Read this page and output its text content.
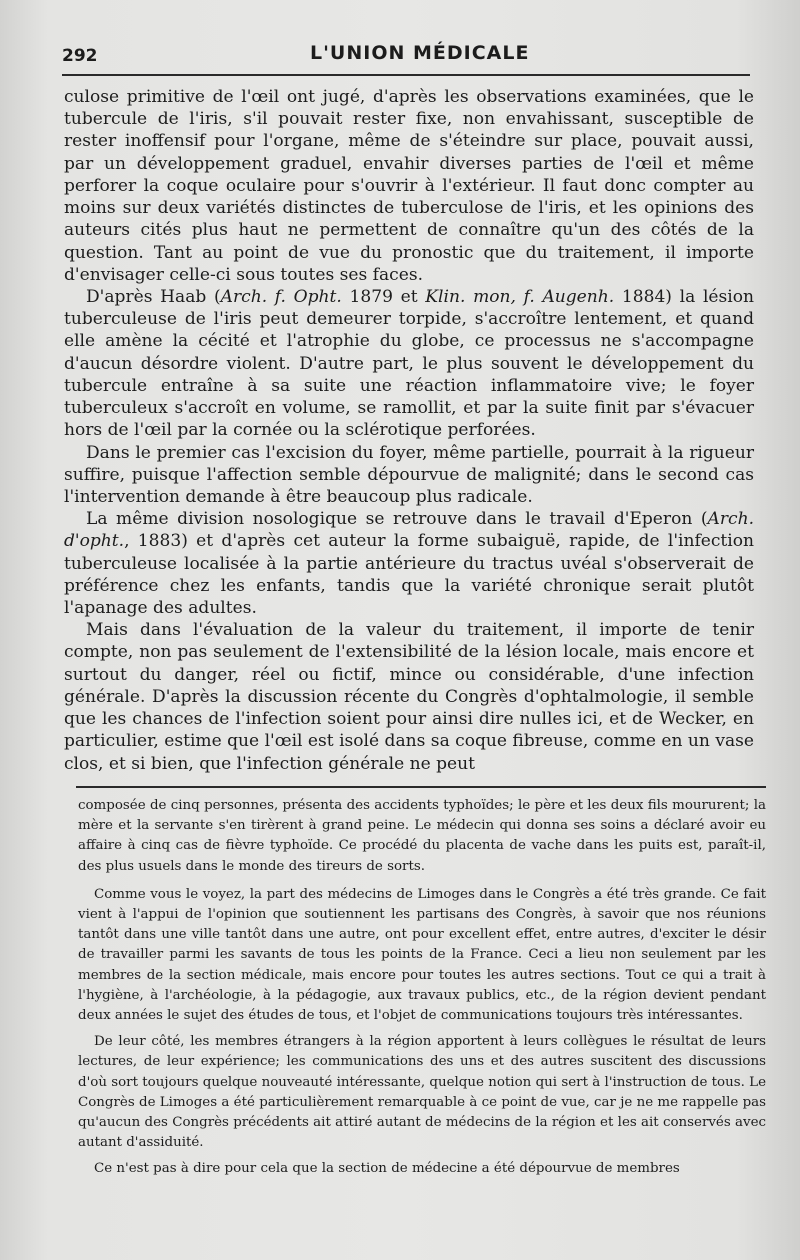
292	L'UNION MÉDICALE

culose primitive de l'œil ont jugé, d'après les observations examinées, que le tubercule de l'iris, s'il pouvait rester fixe, non envahissant, susceptible de rester inoffensif pour l'organe, même de s'éteindre sur place, pouvait aussi, par un développement graduel, envahir diverses parties de l'œil et même perforer la coque oculaire pour s'ouvrir à l'extérieur. Il faut donc compter au moins sur deux variétés distinctes de tuberculose de l'iris, et les opinions des auteurs cités plus haut ne permettent de connaître qu'un des côtés de la question. Tant au point de vue du pronostic que du traitement, il importe d'envisager celle-ci sous toutes ses faces.

D'après Haab (Arch. f. Opht. 1879 et Klin. mon, f. Augenh. 1884) la lésion tuberculeuse de l'iris peut demeurer torpide, s'accroître lentement, et quand elle amène la cécité et l'atrophie du globe, ce processus ne s'accompagne d'aucun désordre violent. D'autre part, le plus souvent le développement du tubercule entraîne à sa suite une réaction inflammatoire vive; le foyer tuberculeux s'accroît en volume, se ramollit, et par la suite finit par s'évacuer hors de l'œil par la cornée ou la sclérotique perforées.

Dans le premier cas l'excision du foyer, même partielle, pourrait à la rigueur suffire, puisque l'affection semble dépourvue de malignité; dans le second cas l'intervention demande à être beaucoup plus radicale.

La même division nosologique se retrouve dans le travail d'Eperon (Arch. d'opht., 1883) et d'après cet auteur la forme subaiguë, rapide, de l'infection tuberculeuse localisée à la partie antérieure du tractus uvéal s'observerait de préférence chez les enfants, tandis que la variété chronique serait plutôt l'apanage des adultes.

Mais dans l'évaluation de la valeur du traitement, il importe de tenir compte, non pas seulement de l'extensibilité de la lésion locale, mais encore et surtout du danger, réel ou fictif, mince ou considérable, d'une infection générale. D'après la discussion récente du Congrès d'ophtalmologie, il semble que les chances de l'infection soient pour ainsi dire nulles ici, et de Wecker, en particulier, estime que l'œil est isolé dans sa coque fibreuse, comme en un vase clos, et si bien, que l'infection générale ne peut

composée de cinq personnes, présenta des accidents typhoïdes; le père et les deux fils moururent; la mère et la servante s'en tirèrent à grand peine. Le médecin qui donna ses soins a déclaré avoir eu affaire à cinq cas de fièvre typhoïde. Ce procédé du placenta de vache dans les puits est, paraît-il, des plus usuels dans le monde des tireurs de sorts.

Comme vous le voyez, la part des médecins de Limoges dans le Congrès a été très grande. Ce fait vient à l'appui de l'opinion que soutiennent les partisans des Congrès, à savoir que nos réunions tantôt dans une ville tantôt dans une autre, ont pour excellent effet, entre autres, d'exciter le désir de travailler parmi les savants de tous les points de la France. Ceci a lieu non seulement par les membres de la section médicale, mais encore pour toutes les autres sections. Tout ce qui a trait à l'hygiène, à l'archéologie, à la pédagogie, aux travaux publics, etc., de la région devient pendant deux années le sujet des études de tous, et l'objet de communications toujours très intéressantes.

De leur côté, les membres étrangers à la région apportent à leurs collègues le résultat de leurs lectures, de leur expérience; les communications des uns et des autres suscitent des discussions d'où sort toujours quelque nouveauté intéressante, quelque notion qui sert à l'instruction de tous. Le Congrès de Limoges a été particulièrement remarquable à ce point de vue, car je ne me rappelle pas qu'aucun des Congrès précédents ait attiré autant de médecins de la région et les ait conservés avec autant d'assiduité.

Ce n'est pas à dire pour cela que la section de médecine a été dépourvue de membres
